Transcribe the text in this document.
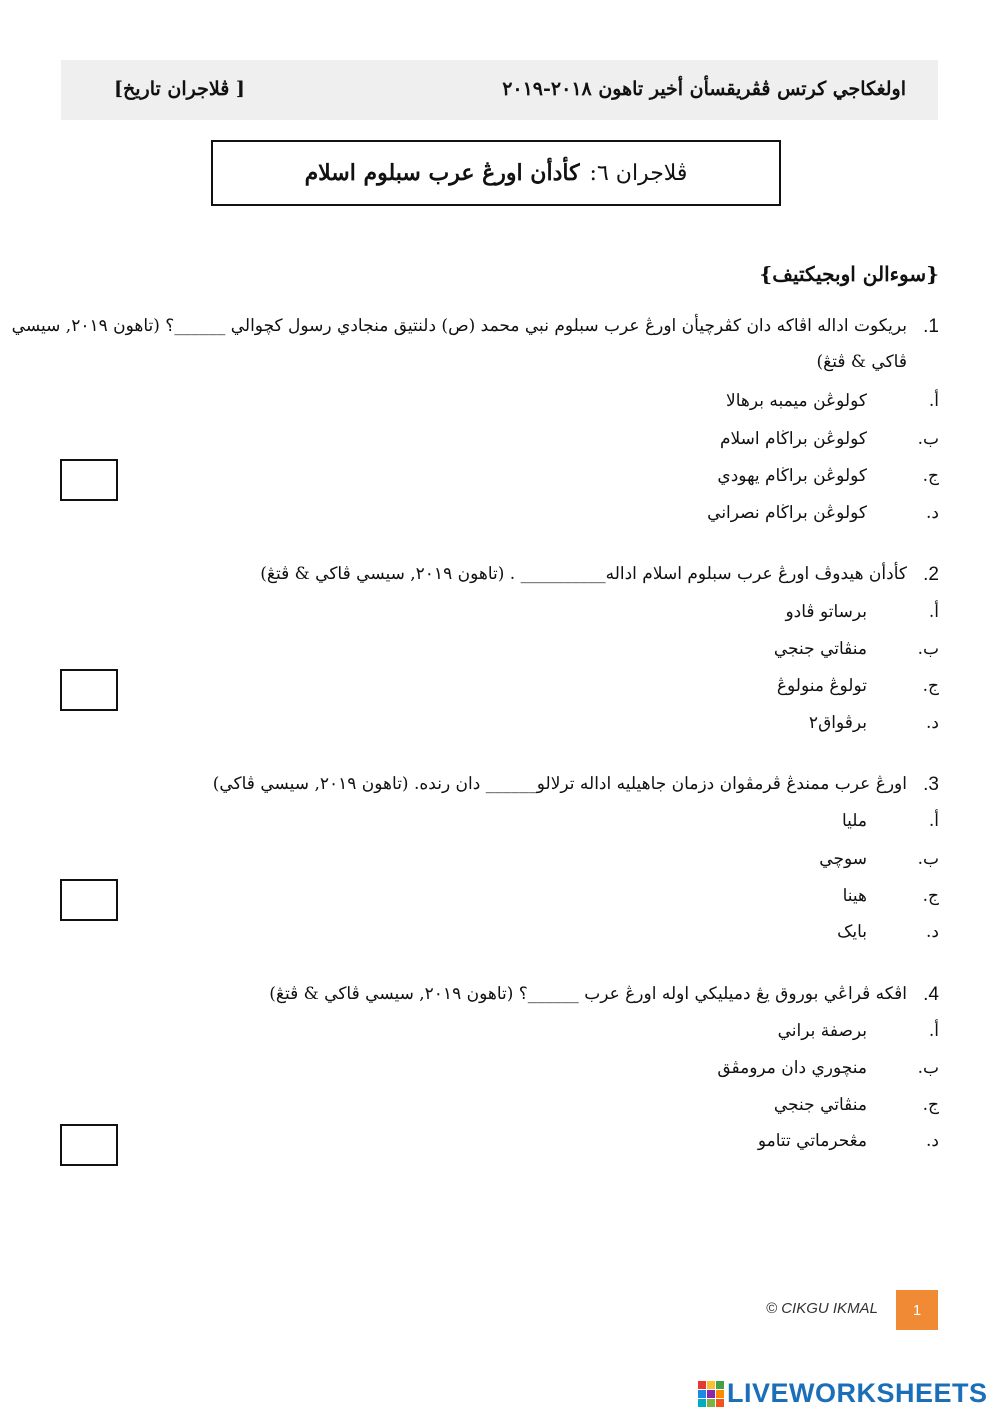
اولغكاجي كرتس ڤڤريقسأن أخير تاهون ٢٠١٨-٢٠١٩
[ ڤلاجران تاريخ]
ڤلاجران ٦:
كأدأن اورڠ عرب سبلوم اسلام
{سوءالن اوبجيكتيف}
1.
بريكوت اداله اڤاكه دان كڤرچيأن اورڠ عرب سبلوم نبي محمد (ص) دلنتيق منجادي رسول كچوالي ______؟ (تاهون ٢٠١٩, سيسي
ڤاكي & ڤتڠ)
أ.كولوڠن ميمبه برهالا
ب.كولوڠن براڬام اسلام
ج.كولوڠن براڬام يهودي
د.كولوڠن براڬام نصراني
2.
كأدأن هيدوڤ اورڠ عرب سبلوم اسلام اداله__________ . (تاهون ٢٠١٩, سيسي ڤاكي & ڤتڠ)
أ.برساتو ڤادو
ب.منڤاتي جنجي
ج.تولوڠ منولوڠ
د.برڤواق٢
3.
اورڠ عرب ممندڠ ڤرمڤوان دزمان جاهيليه اداله ترلالو______ دان رنده. (تاهون ٢٠١٩, سيسي ڤاكي)
أ.مليا
ب.سوچي
ج.هينا
د.بايک
4.
اڤكه ڤراڠي بوروق يڠ دميليكي اوله اورڠ عرب ______؟ (تاهون ٢٠١٩, سيسي ڤاكي & ڤتڠ)
أ.برصفة براني
ب.منچوري دان مرومڤق
ج.منڤاتي جنجي
د.مڠحرماتي تتامو
© CIKGU IKMAL	1
LIVEWORKSHEETS
